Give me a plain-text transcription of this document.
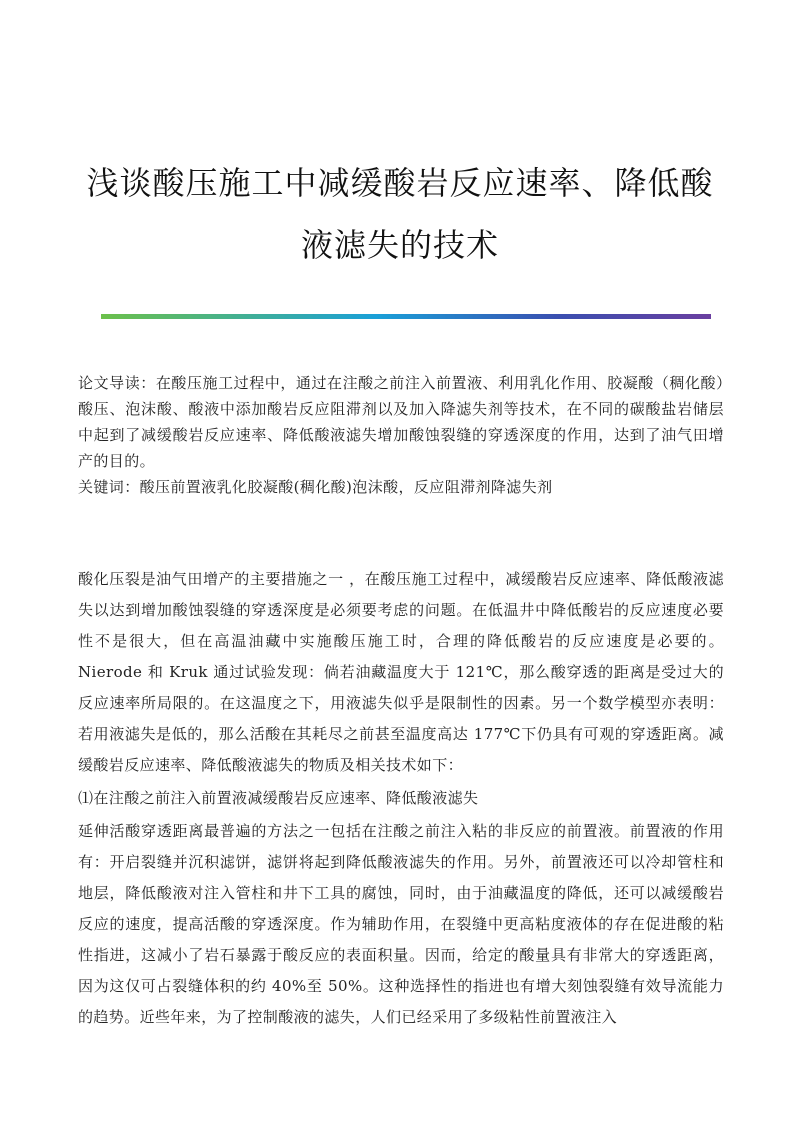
浅谈酸压施工中减缓酸岩反应速率、降低酸
液滤失的技术

论文导读：在酸压施工过程中，通过在注酸之前注入前置液、利用乳化作用、胶凝酸（稠化酸）酸压、泡沫酸、酸液中添加酸岩反应阻滞剂以及加入降滤失剂等技术，在不同的碳酸盐岩储层中起到了减缓酸岩反应速率、降低酸液滤失增加酸蚀裂缝的穿透深度的作用，达到了油气田增产的目的。

关键词：酸压前置液乳化胶凝酸(稠化酸)泡沫酸，反应阻滞剂降滤失剂

酸化压裂是油气田增产的主要措施之一 ，在酸压施工过程中，减缓酸岩反应速率、降低酸液滤失以达到增加酸蚀裂缝的穿透深度是必须要考虑的问题。在低温井中降低酸岩的反应速度必要性不是很大，但在高温油藏中实施酸压施工时，合理的降低酸岩的反应速度是必要的。Nierode 和 Kruk 通过试验发现：倘若油藏温度大于 121℃，那么酸穿透的距离是受过大的反应速率所局限的。在这温度之下，用液滤失似乎是限制性的因素。另一个数学模型亦表明：若用液滤失是低的，那么活酸在其耗尽之前甚至温度高达 177℃下仍具有可观的穿透距离。减缓酸岩反应速率、降低酸液滤失的物质及相关技术如下：

⑴在注酸之前注入前置液减缓酸岩反应速率、降低酸液滤失

延伸活酸穿透距离最普遍的方法之一包括在注酸之前注入粘的非反应的前置液。前置液的作用有：开启裂缝并沉积滤饼，滤饼将起到降低酸液滤失的作用。另外，前置液还可以冷却管柱和地层，降低酸液对注入管柱和井下工具的腐蚀，同时，由于油藏温度的降低，还可以减缓酸岩反应的速度，提高活酸的穿透深度。作为辅助作用，在裂缝中更高粘度液体的存在促进酸的粘性指进，这减小了岩石暴露于酸反应的表面积量。因而，给定的酸量具有非常大的穿透距离，因为这仅可占裂缝体积的约 40%至 50%。这种选择性的指进也有增大刻蚀裂缝有效导流能力的趋势。近些年来，为了控制酸液的滤失，人们已经采用了多级粘性前置液注入
